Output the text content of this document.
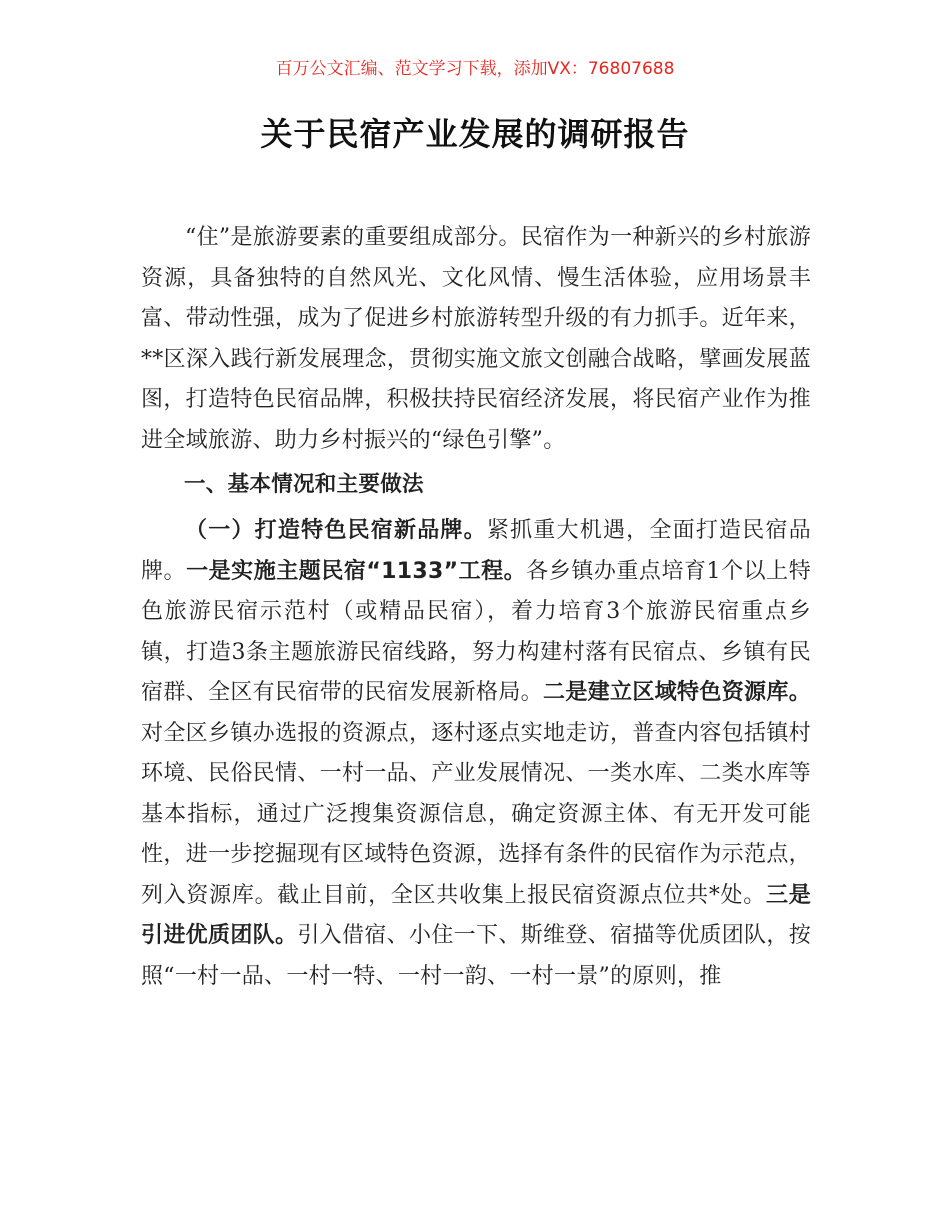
百万公文汇编、范文学习下载，添加VX：76807688
关于民宿产业发展的调研报告

“住”是旅游要素的重要组成部分。民宿作为一种新兴的乡村旅游资源，具备独特的自然风光、文化风情、慢生活体验，应用场景丰富、带动性强，成为了促进乡村旅游转型升级的有力抓手。近年来，**区深入践行新发展理念，贯彻实施文旅文创融合战略，擘画发展蓝图，打造特色民宿品牌，积极扶持民宿经济发展，将民宿产业作为推进全域旅游、助力乡村振兴的“绿色引擎”。

一、基本情况和主要做法

（一）打造特色民宿新品牌。紧抓重大机遇，全面打造民宿品牌。一是实施主题民宿“1133”工程。各乡镇办重点培育1个以上特色旅游民宿示范村（或精品民宿），着力培育3个旅游民宿重点乡镇，打造3条主题旅游民宿线路，努力构建村落有民宿点、乡镇有民宿群、全区有民宿带的民宿发展新格局。二是建立区域特色资源库。对全区乡镇办选报的资源点，逐村逐点实地走访，普查内容包括镇村环境、民俗民情、一村一品、产业发展情况、一类水库、二类水库等基本指标，通过广泛搜集资源信息，确定资源主体、有无开发可能性，进一步挖掘现有区域特色资源，选择有条件的民宿作为示范点，列入资源库。截止目前，全区共收集上报民宿资源点位共*处。三是引进优质团队。引入借宿、小住一下、斯维登、宿描等优质团队，按照“一村一品、一村一特、一村一韵、一村一景”的原则，推
